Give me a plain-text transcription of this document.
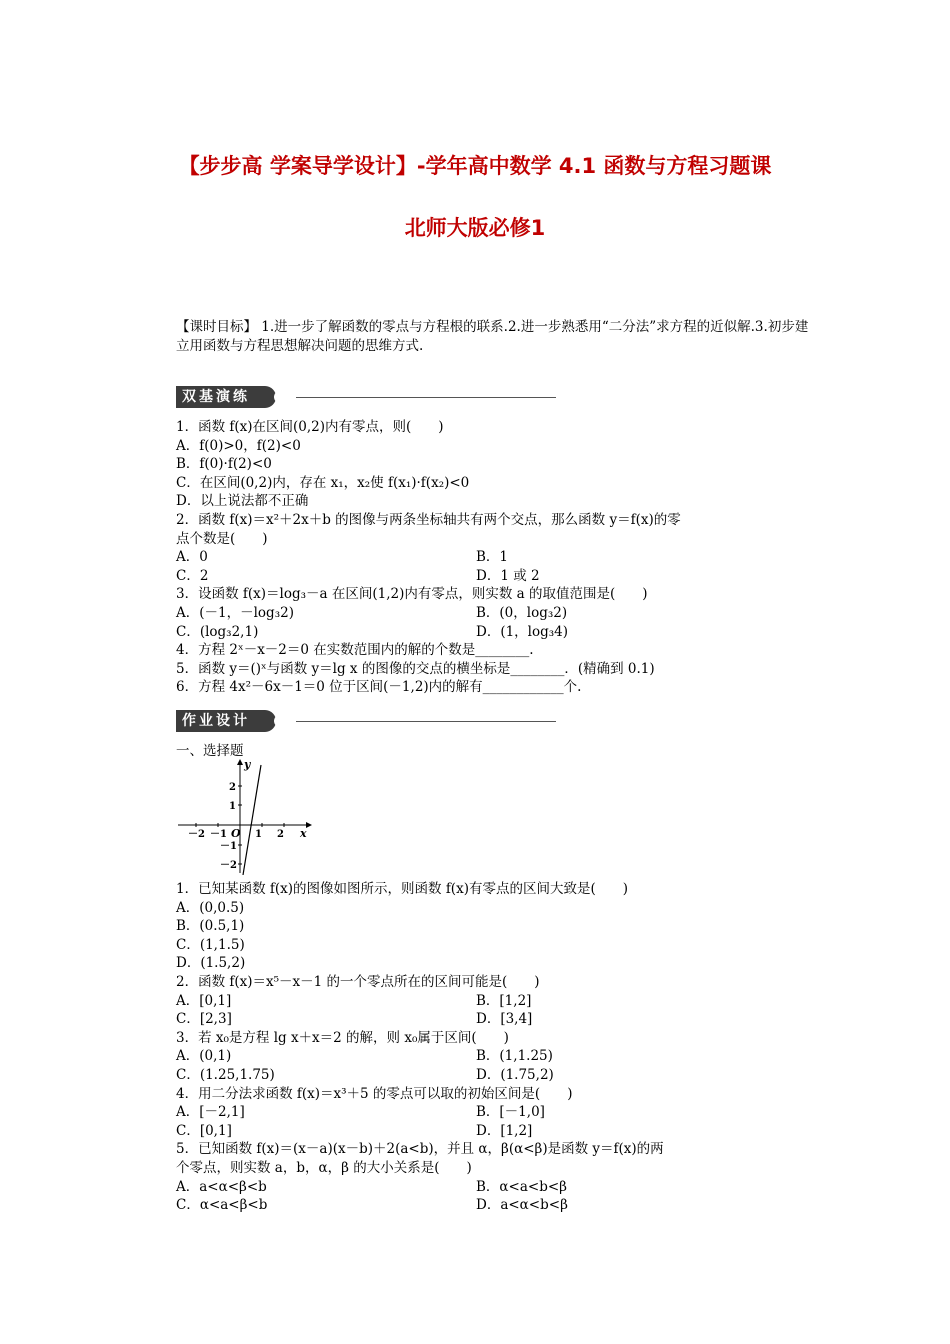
【步步高 学案导学设计】-学年高中数学 4.1 函数与方程习题课
北师大版必修1
【课时目标】 1.进一步了解函数的零点与方程根的联系.2.进一步熟悉用“二分法”求方程的近似解.3.初步建立用函数与方程思想解决问题的思维方式.
双基演练
1．函数 f(x)在区间(0,2)内有零点，则(　　)
A．f(0)>0，f(2)<0
B．f(0)·f(2)<0
C．在区间(0,2)内，存在 x₁，x₂使 f(x₁)·f(x₂)<0
D．以上说法都不正确
2．函数 f(x)＝x²＋2x＋b 的图像与两条坐标轴共有两个交点，那么函数 y＝f(x)的零
点个数是(　　)
A．0	B．1
C．2	D．1 或 2
3．设函数 f(x)＝log₃－a 在区间(1,2)内有零点，则实数 a 的取值范围是(　　)
A．(－1，－log₃2)	B．(0，log₃2)
C．(log₃2,1)	D．(1，log₃4)
4．方程 2ˣ－x－2＝0 在实数范围内的解的个数是________.
5．函数 y＝()ˣ与函数 y＝lg x 的图像的交点的横坐标是________．(精确到 0.1)
6．方程 4x²－6x－1＝0 位于区间(－1,2)内的解有____________个.
作业设计
一、选择题
y
x
O
－2 －1	1 2
2
1
－1
－2
1．已知某函数 f(x)的图像如图所示，则函数 f(x)有零点的区间大致是(　　)
A．(0,0.5)
B．(0.5,1)
C．(1,1.5)
D．(1.5,2)
2．函数 f(x)＝x⁵－x－1 的一个零点所在的区间可能是(　　)
A．[0,1]	B．[1,2]
C．[2,3]	D．[3,4]
3．若 x₀是方程 lg x＋x＝2 的解，则 x₀属于区间(　　)
A．(0,1)	B．(1,1.25)
C．(1.25,1.75)	D．(1.75,2)
4．用二分法求函数 f(x)＝x³＋5 的零点可以取的初始区间是(　　)
A．[－2,1]	B．[－1,0]
C．[0,1]	D．[1,2]
5．已知函数 f(x)＝(x－a)(x－b)＋2(a<b)，并且 α，β(α<β)是函数 y＝f(x)的两
个零点，则实数 a，b，α，β 的大小关系是(　　)
A．a<α<β<b	B．α<a<b<β
C．α<a<β<b	D．a<α<b<β
